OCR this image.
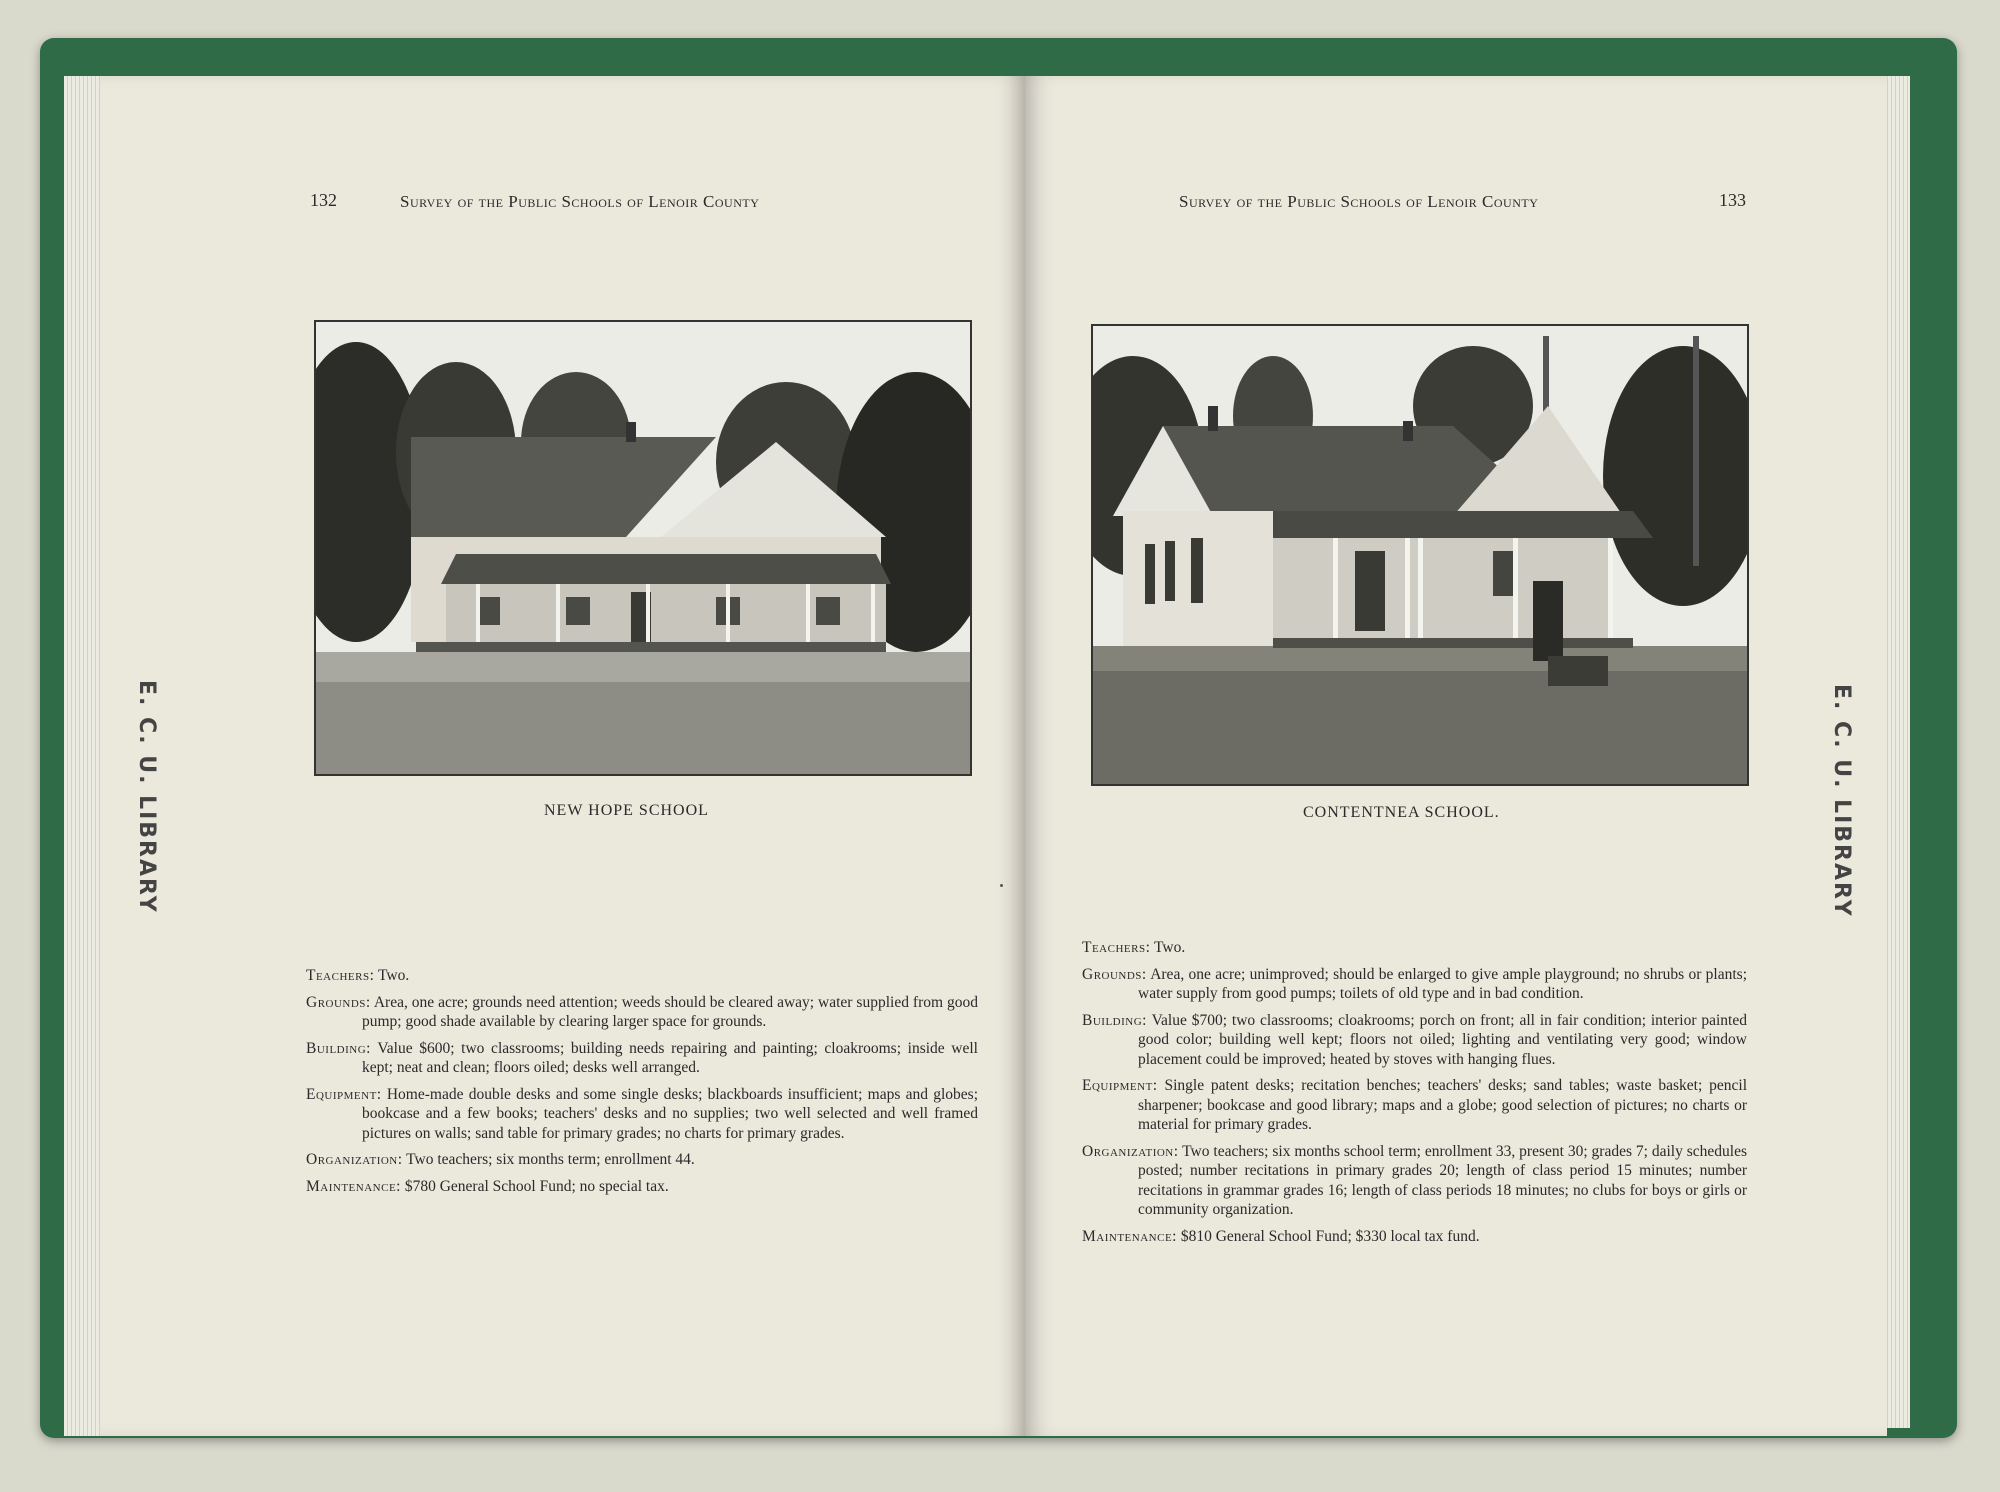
E. C. U. LIBRARY
132	Survey of the Public Schools of Lenoir County
NEW HOPE SCHOOL

Teachers: Two.

Grounds: Area, one acre; grounds need attention; weeds should be cleared away; water supplied from good pump; good shade available by clearing larger space for grounds.

Building: Value $600; two classrooms; building needs repairing and painting; cloakrooms; inside well kept; neat and clean; floors oiled; desks well arranged.

Equipment: Home-made double desks and some single desks; blackboards insufficient; maps and globes; bookcase and a few books; teachers' desks and no supplies; two well selected and well framed pictures on walls; sand table for primary grades; no charts for primary grades.

Organization: Two teachers; six months term; enrollment 44.

Maintenance: $780 General School Fund; no special tax.

E. C. U. LIBRARY
Survey of the Public Schools of Lenoir County	133
CONTENTNEA SCHOOL.

Teachers: Two.

Grounds: Area, one acre; unimproved; should be enlarged to give ample playground; no shrubs or plants; water supply from good pumps; toilets of old type and in bad condition.

Building: Value $700; two classrooms; cloakrooms; porch on front; all in fair condition; interior painted good color; building well kept; floors not oiled; lighting and ventilating very good; window placement could be improved; heated by stoves with hanging flues.

Equipment: Single patent desks; recitation benches; teachers' desks; sand tables; waste basket; pencil sharpener; bookcase and good library; maps and a globe; good selection of pictures; no charts or material for primary grades.

Organization: Two teachers; six months school term; enrollment 33, present 30; grades 7; daily schedules posted; number recitations in primary grades 20; length of class period 15 minutes; number recitations in grammar grades 16; length of class periods 18 minutes; no clubs for boys or girls or community organization.

Maintenance: $810 General School Fund; $330 local tax fund.
